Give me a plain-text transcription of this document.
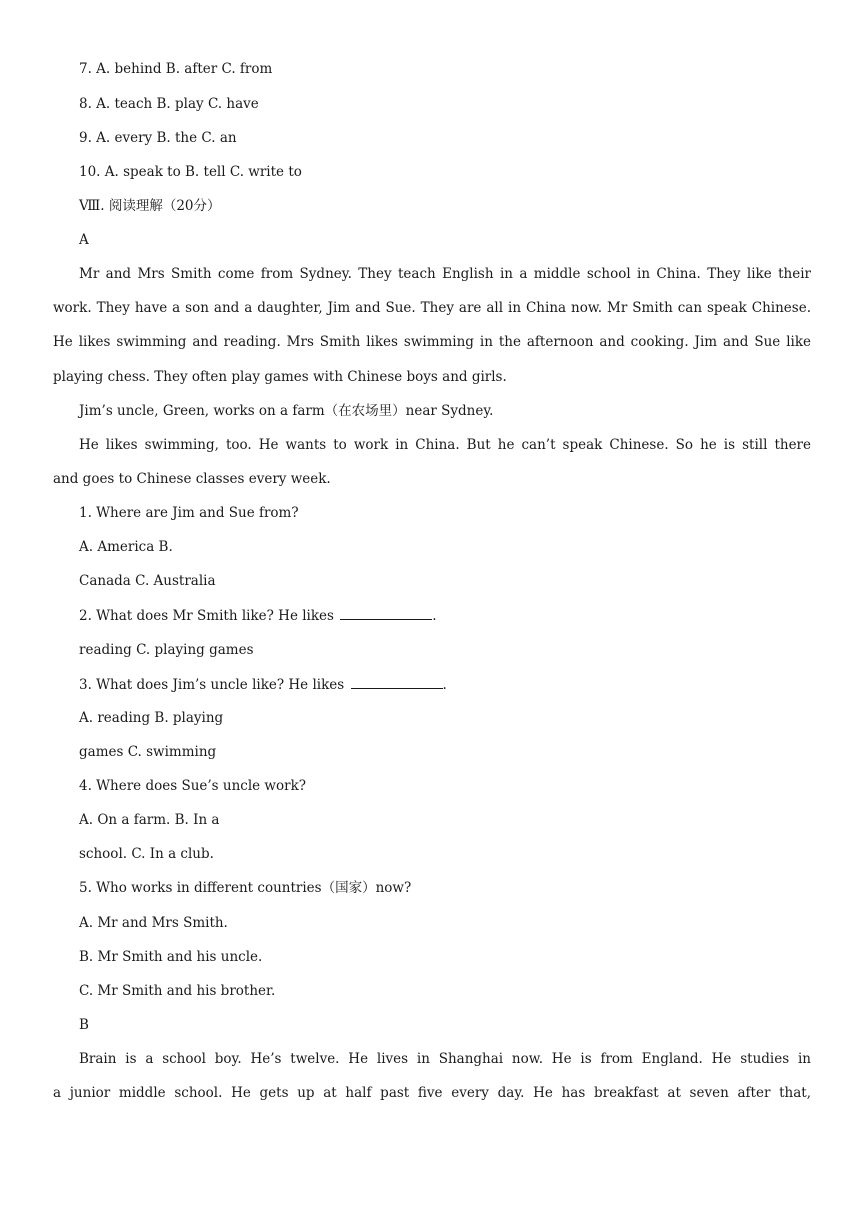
7. A. behind B. after C. from
8. A. teach B. play C. have
9. A. every B. the C. an
10. A. speak to B. tell C. write to
Ⅷ. 阅读理解（20分）
A
Mr and Mrs Smith come from Sydney. They teach English in a middle school in China. They like their
work. They have a son and a daughter, Jim and Sue. They are all in China now. Mr Smith can speak Chinese.
He likes swimming and reading. Mrs Smith likes swimming in the afternoon and cooking. Jim and Sue like
playing chess. They often play games with Chinese boys and girls.
Jim’s uncle, Green, works on a farm（在农场里）near Sydney.
He likes swimming, too. He wants to work in China. But he can’t speak Chinese. So he is still there
and goes to Chinese classes every week.
1. Where are Jim and Sue from?
A. America B.
Canada C. Australia
2. What does Mr Smith like? He likes	.
reading C. playing games
3. What does Jim’s uncle like? He likes	.
A. reading B. playing
games C. swimming
4. Where does Sue’s uncle work?
A. On a farm. B. In a
school. C. In a club.
5. Who works in different countries（国家）now?
A. Mr and Mrs Smith.
B. Mr Smith and his uncle.
C. Mr Smith and his brother.
B
Brain is a school boy. He’s twelve. He lives in Shanghai now. He is from England. He studies in
a junior middle school. He gets up at half past five every day. He has breakfast at seven after that,
